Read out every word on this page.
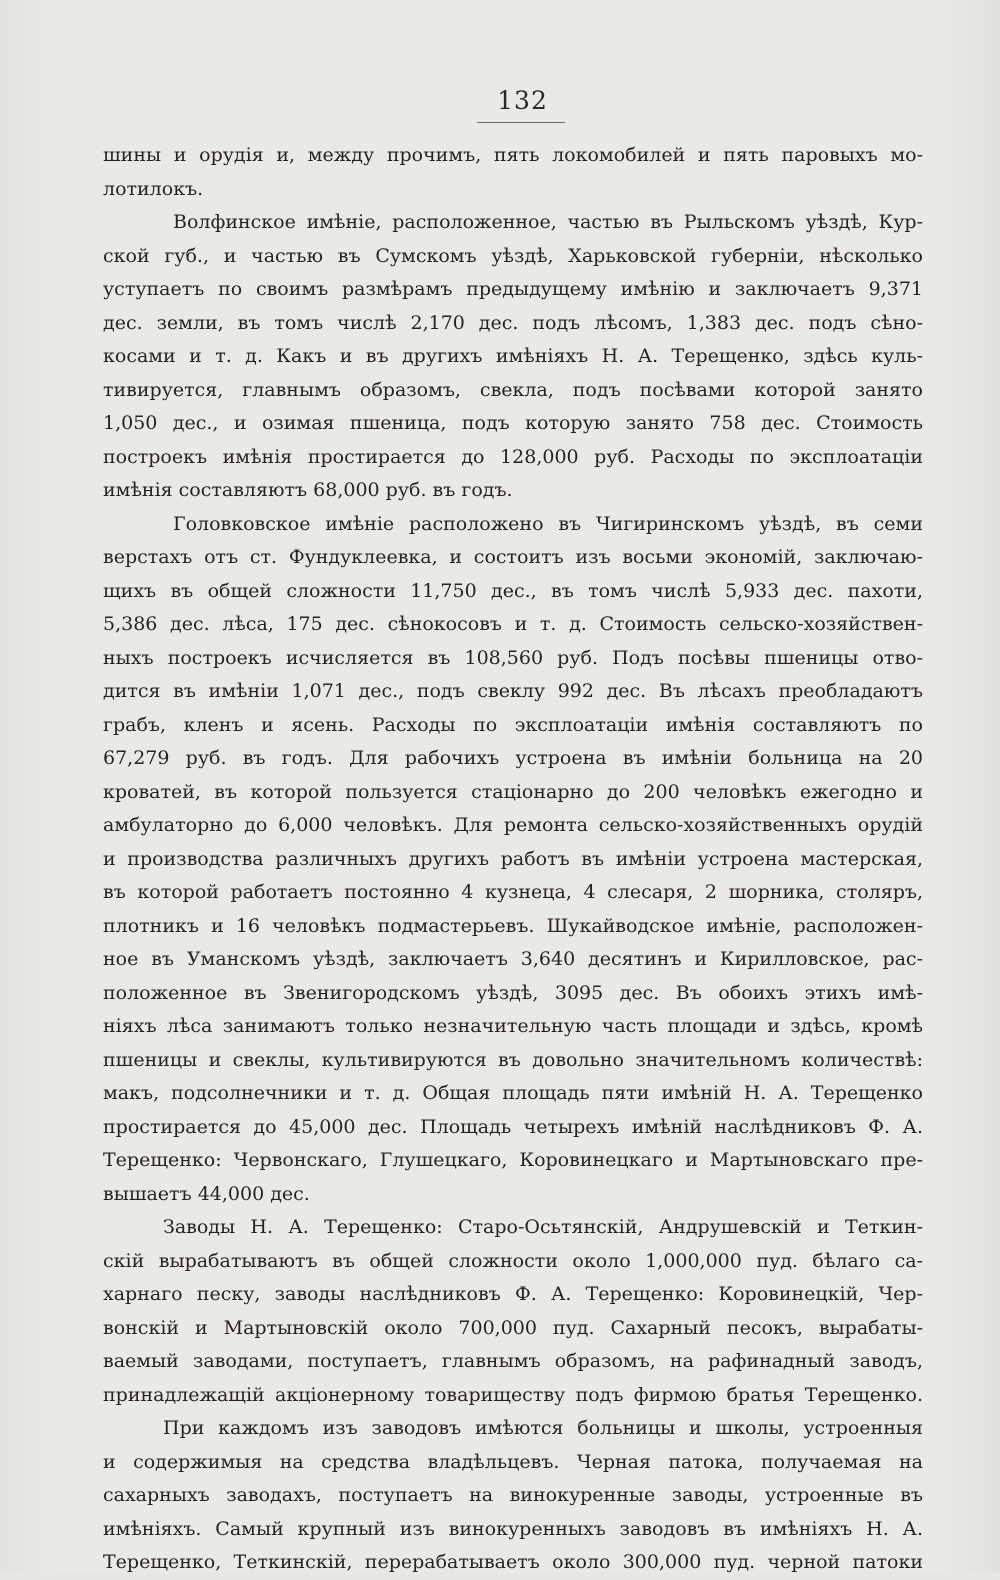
132
шины и орудія и, между прочимъ, пять локомобилей и пять паровыхъ мо-
лотилокъ.
Волфинское имѣніе, расположенное, частью въ Рыльскомъ уѣздѣ, Кур-
ской губ., и частью въ Сумскомъ уѣздѣ, Харьковской губерніи, нѣсколько
уступаетъ по своимъ размѣрамъ предыдущему имѣнію и заключаетъ 9,371
дес. земли, въ томъ числѣ 2,170 дес. подъ лѣсомъ, 1,383 дес. подъ сѣно-
косами и т. д. Какъ и въ другихъ имѣніяхъ Н. А. Терещенко, здѣсь куль-
тивируется, главнымъ образомъ, свекла, подъ посѣвами которой занято
1,050 дес., и озимая пшеница, подъ которую занято 758 дес. Стоимость
построекъ имѣнія простирается до 128,000 руб. Расходы по эксплоатаціи
имѣнія составляютъ 68,000 руб. въ годъ.
Головковское имѣніе расположено въ Чигиринскомъ уѣздѣ, въ семи
верстахъ отъ ст. Фундуклеевка, и состоитъ изъ восьми экономій, заключаю-
щихъ въ общей сложности 11,750 дес., въ томъ числѣ 5,933 дес. пахоти,
5,386 дес. лѣса, 175 дес. сѣнокосовъ и т. д. Стоимость сельско-хозяйствен-
ныхъ построекъ исчисляется въ 108,560 руб. Подъ посѣвы пшеницы отво-
дится въ имѣніи 1,071 дес., подъ свеклу 992 дес. Въ лѣсахъ преобладаютъ
грабъ, кленъ и ясень. Расходы по эксплоатаціи имѣнія составляютъ по
67,279 руб. въ годъ. Для рабочихъ устроена въ имѣніи больница на 20
кроватей, въ которой пользуется стаціонарно до 200 человѣкъ ежегодно и
амбулаторно до 6,000 человѣкъ. Для ремонта сельско-хозяйственныхъ орудій
и производства различныхъ другихъ работъ въ имѣніи устроена мастерская,
въ которой работаетъ постоянно 4 кузнеца, 4 слесаря, 2 шорника, столяръ,
плотникъ и 16 человѣкъ подмастерьевъ. Шукайводское имѣніе, расположен-
ное въ Уманскомъ уѣздѣ, заключаетъ 3,640 десятинъ и Кирилловское, рас-
положенное въ Звенигородскомъ уѣздѣ, 3095 дес. Въ обоихъ этихъ имѣ-
ніяхъ лѣса занимаютъ только незначительную часть площади и здѣсь, кромѣ
пшеницы и свеклы, культивируются въ довольно значительномъ количествѣ:
макъ, подсолнечники и т. д. Общая площадь пяти имѣній Н. А. Терещенко
простирается до 45,000 дес. Площадь четырехъ имѣній наслѣдниковъ Ф. А.
Терещенко: Червонскаго, Глушецкаго, Коровинецкаго и Мартыновскаго пре-
вышаетъ 44,000 дес.
Заводы Н. А. Терещенко: Старо-Осьтянскій, Андрушевскій и Теткин-
скій вырабатываютъ въ общей сложности около 1,000,000 пуд. бѣлаго са-
харнаго песку, заводы наслѣдниковъ Ф. А. Терещенко: Коровинецкій, Чер-
вонскій и Мартыновскій около 700,000 пуд. Сахарный песокъ, вырабаты-
ваемый заводами, поступаетъ, главнымъ образомъ, на рафинадный заводъ,
принадлежащій акціонерному товариществу подъ фирмою братья Терещенко.
При каждомъ изъ заводовъ имѣются больницы и школы, устроенныя
и содержимыя на средства владѣльцевъ. Черная патока, получаемая на
сахарныхъ заводахъ, поступаетъ на винокуренные заводы, устроенные въ
имѣніяхъ. Самый крупный изъ винокуренныхъ заводовъ въ имѣніяхъ Н. А.
Терещенко, Теткинскій, перерабатываетъ около 300,000 пуд. черной патоки
